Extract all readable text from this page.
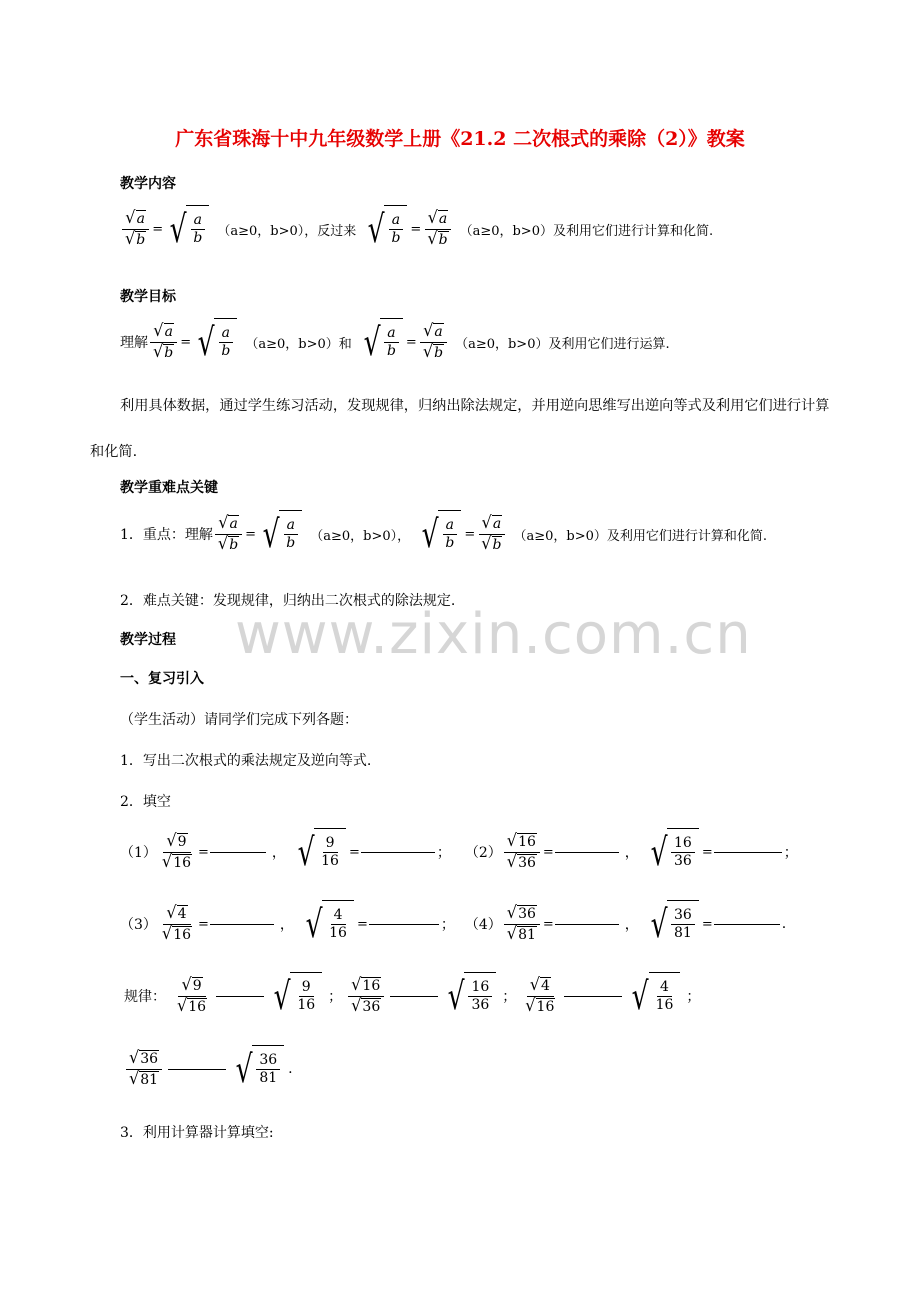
广东省珠海十中九年级数学上册《21.2 二次根式的乘除（2）》教案
教学内容
$\frac{√ a}{√ b}$ = √ $\frac{a}{b} (a\ge 0$，b>0），反过来 √ $\frac{a}{b} = \frac{√ a}{√ b} (a\ge 0$，b>0）及利用它们进行计算和化简.
教学目标
理解 $\frac{√ a}{√ b}$ = √ $\frac{a}{b} (a\ge 0$，b>0）和 √ $\frac{a}{b} = \frac{√ a}{√ b} (a\ge 0$，b>0）及利用它们进行运算.
利用具体数据，通过学生练习活动，发现规律，归纳出除法规定，并用逆向思维写出逆向等式及利用它们进行计算和化简.
教学重难点关键
1．重点：理解 $\frac{√ a}{√ b}$ = √ $\frac{a}{b} (a\ge 0$，b>0）， √ $\frac{a}{b} = \frac{√ a}{√ b} (a\ge 0$，b>0）及利用它们进行计算和化简.
2．难点关键：发现规律，归纳出二次根式的除法规定.
教学过程
一、复习引入
（学生活动）请同学们完成下列各题：
1．写出二次根式的乘法规定及逆向等式.
2．填空
$(1) \frac{√ 9}{√ 16}$ =	， √ $\frac{9}{16}$ =	； $(2) \frac{√ 16}{√ 36}$ =	， √ $\frac{16}{36}$ =	；
$(3) \frac{√ 4}{√ 16}$ =	， √ $\frac{4}{16}$ =	； $(4) \frac{√ 36}{√ 81}$ =	， √ $\frac{36}{81}$ =	.
规律： $\frac{√ 9}{√ 16}$ √ $\frac{9}{16}$ ； $\frac{√ 16}{√ 36}$ √ $\frac{16}{36}$ ； $\frac{√ 4}{√ 16}$ √ $\frac{4}{16}$ ；
$\frac{√ 36}{√ 81}$ √ $\frac{36}{81}$ .
3．利用计算器计算填空:
www.zixin.com.cn
